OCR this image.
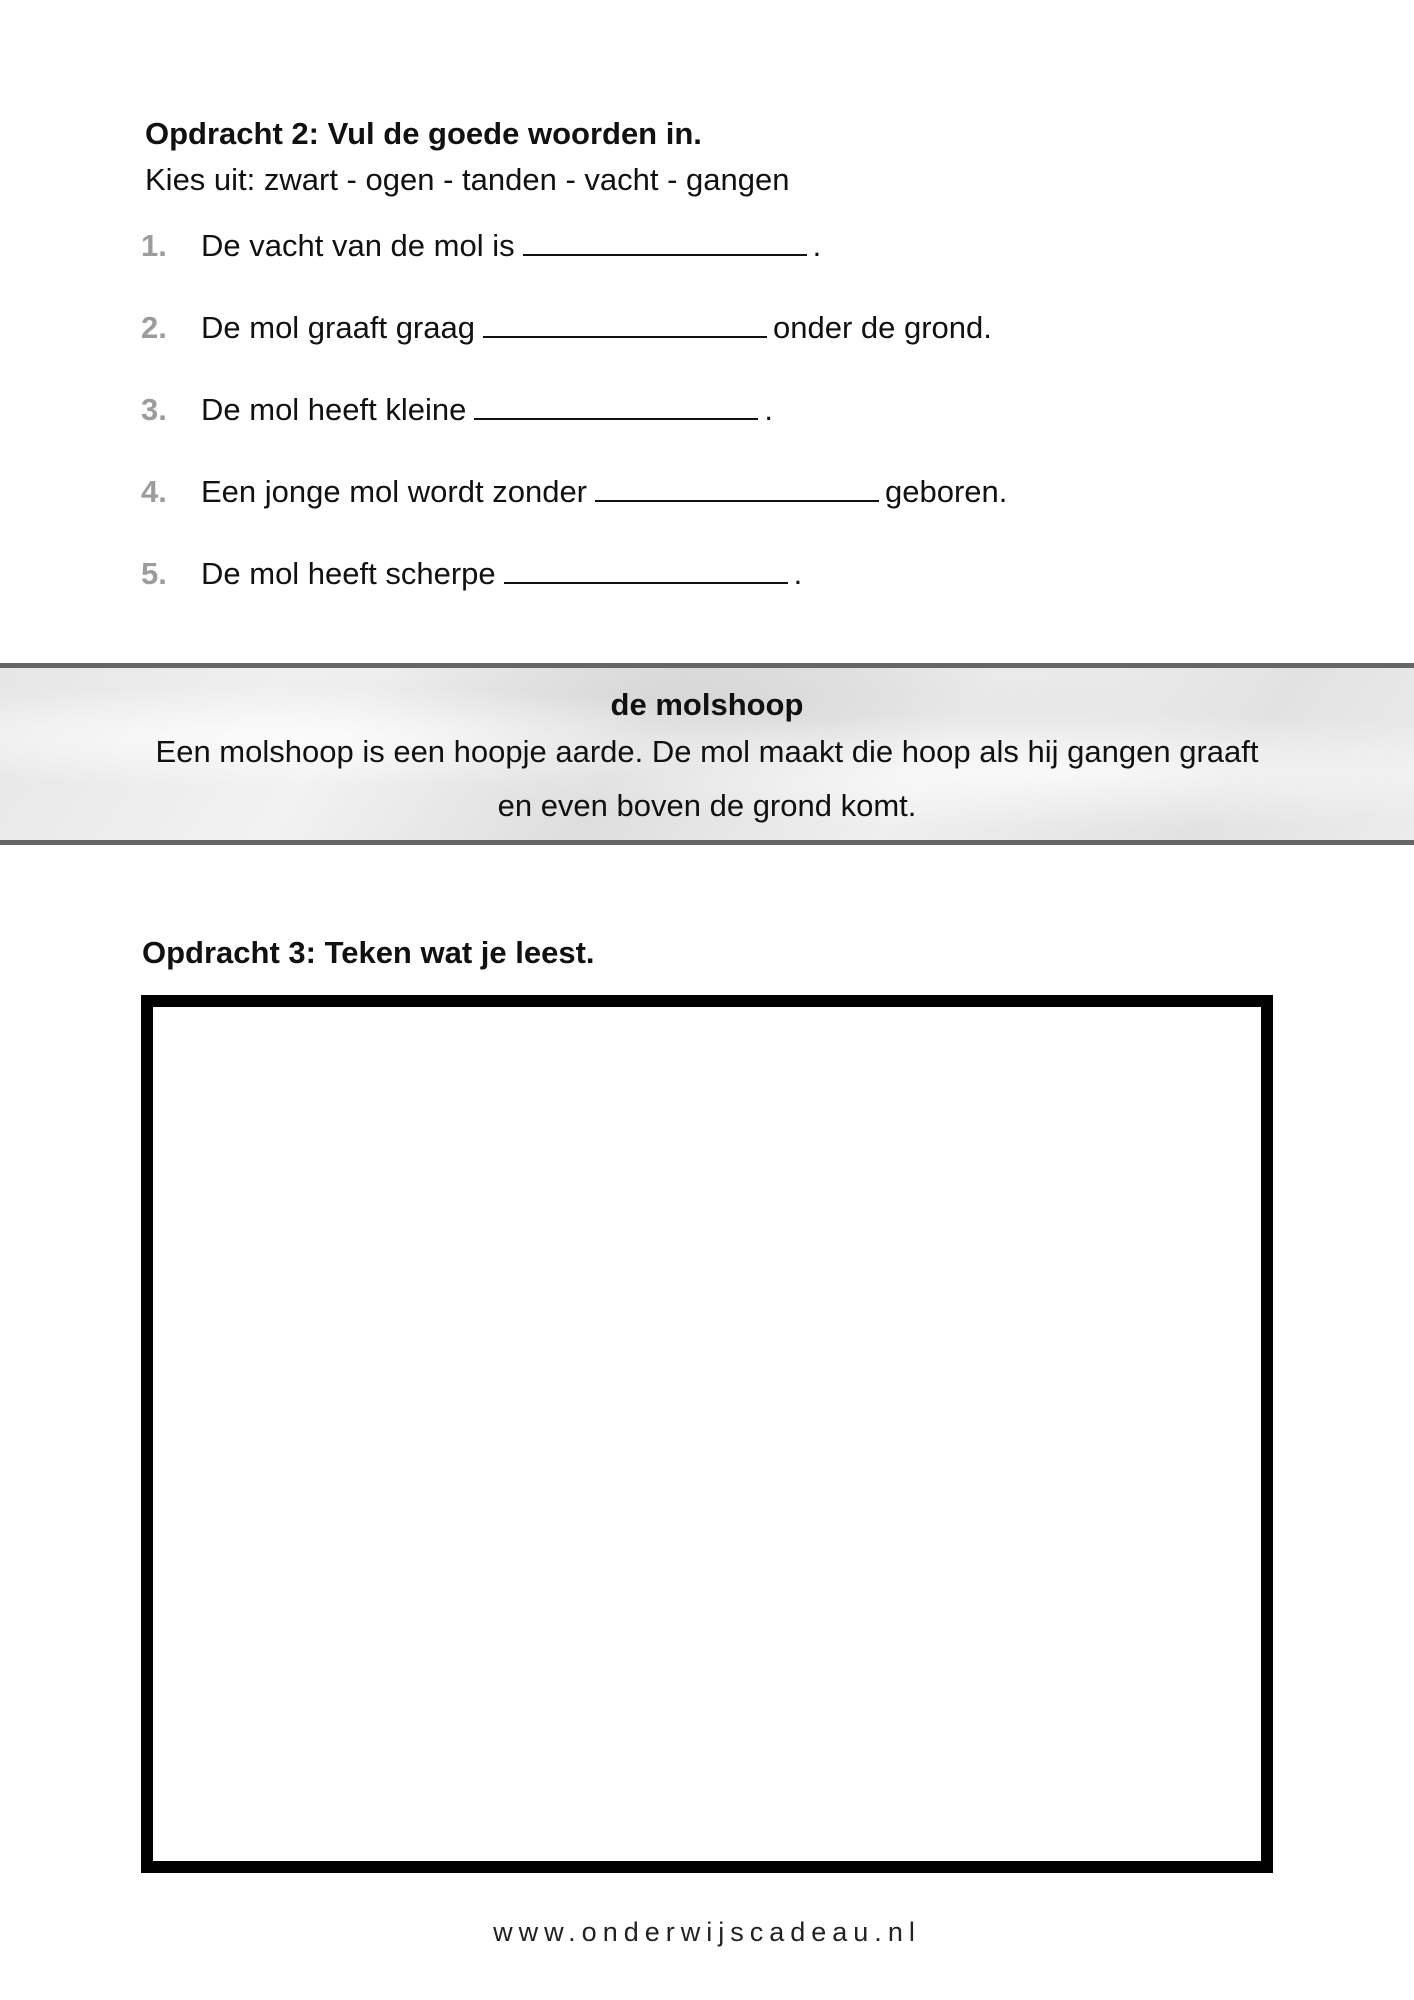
Opdracht 2: Vul de goede woorden in.

Kies uit: zwart - ogen - tanden - vacht - gangen

1.	De vacht van de mol is	.
2.	De mol graaft graag	onder de grond.
3.	De mol heeft kleine	.
4.	Een jonge mol wordt zonder	geboren.
5.	De mol heeft scherpe	.
de molshoop
Een molshoop is een hoopje aarde. De mol maakt die hoop als hij gangen graaft en even boven de grond komt.
Opdracht 3: Teken wat je leest.
www.onderwijscadeau.nl
